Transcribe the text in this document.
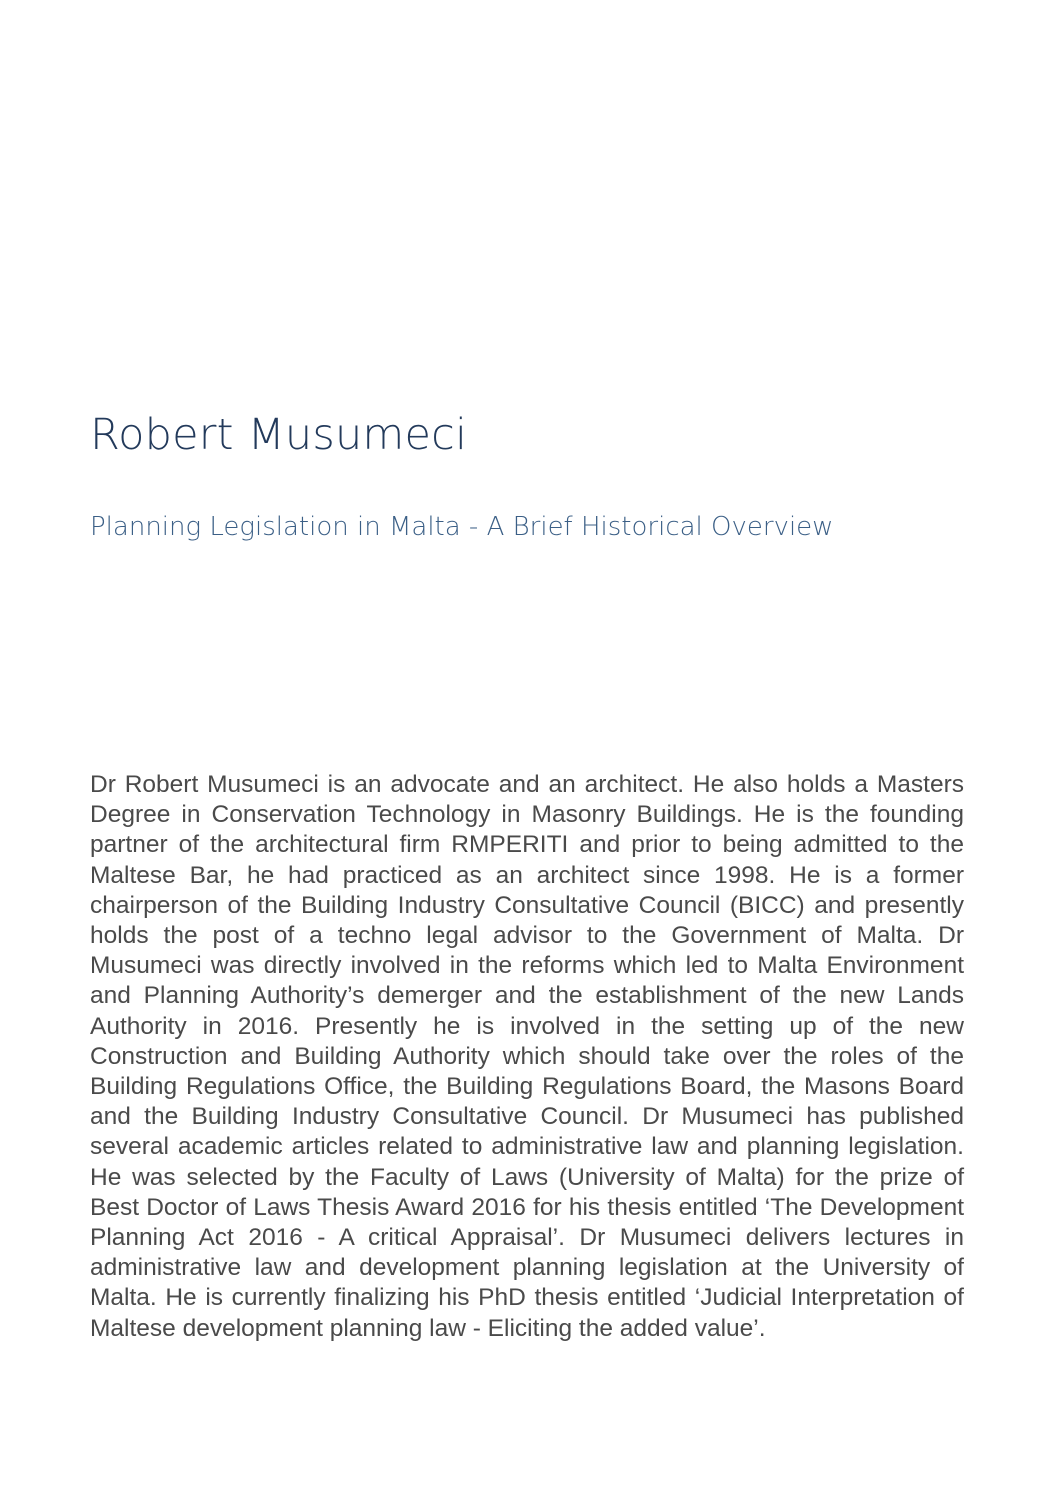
Robert Musumeci
Planning Legislation in Malta - A Brief Historical Overview

Dr Robert Musumeci is an advocate and an architect. He also holds a Masters Degree in Conservation Technology in Masonry Buildings. He is the founding partner of the architectural firm RMPERITI and prior to being admitted to the Maltese Bar, he had practiced as an architect since 1998. He is a former chairperson of the Building Industry Consultative Council (BICC) and presently holds the post of a techno legal advisor to the Government of Malta. Dr Musumeci was directly involved in the reforms which led to Malta Environment and Planning Authority’s demerger and the establishment of the new Lands Authority in 2016. Presently he is involved in the setting up of the new Construction and Building Authority which should take over the roles of the Building Regulations Office, the Building Regulations Board, the Masons Board and the Building Industry Consultative Council. Dr Musumeci has published several academic articles related to administrative law and planning legislation. He was selected by the Faculty of Laws (University of Malta) for the prize of Best Doctor of Laws Thesis Award 2016 for his thesis entitled ‘The Development Planning Act 2016 - A critical Appraisal’. Dr Musumeci delivers lectures in administrative law and development planning legislation at the University of Malta. He is currently finalizing his PhD thesis entitled ‘Judicial Interpretation of Maltese development planning law - Eliciting the added value’.
